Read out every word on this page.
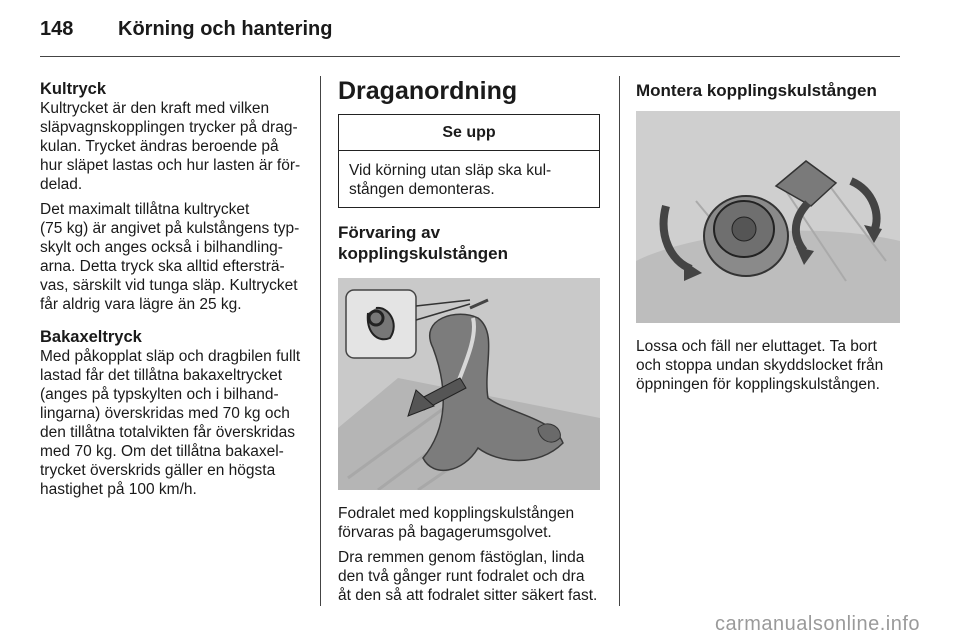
148 Körning och hantering
Kultryck

Kultrycket är den kraft med vilken
släpvagnskopplingen trycker på drag-
kulan. Trycket ändras beroende på
hur släpet lastas och hur lasten är för-
delad.

Det maximalt tillåtna kultrycket
(75 kg) är angivet på kulstångens typ-
skylt och anges också i bilhandling-
arna. Detta tryck ska alltid eftersträ-
vas, särskilt vid tunga släp. Kultrycket
får aldrig vara lägre än 25 kg.

Bakaxeltryck

Med påkopplat släp och dragbilen fullt
lastad får det tillåtna bakaxeltrycket
(anges på typskylten och i bilhand-
lingarna) överskridas med 70 kg och
den tillåtna totalvikten får överskridas
med 70 kg. Om det tillåtna bakaxel-
trycket överskrids gäller en högsta
hastighet på 100 km/h.

Draganordning
Se upp
Vid körning utan släp ska kul-
stången demonteras.
Förvaring av
kopplingskulstången

Fodralet med kopplingskulstången
förvaras på bagagerumsgolvet.

Dra remmen genom fästöglan, linda
den två gånger runt fodralet och dra
åt den så att fodralet sitter säkert fast.

Montera kopplingskulstången

Lossa och fäll ner eluttaget. Ta bort
och stoppa undan skyddslocket från
öppningen för kopplingskulstången.

carmanualsonline.info
